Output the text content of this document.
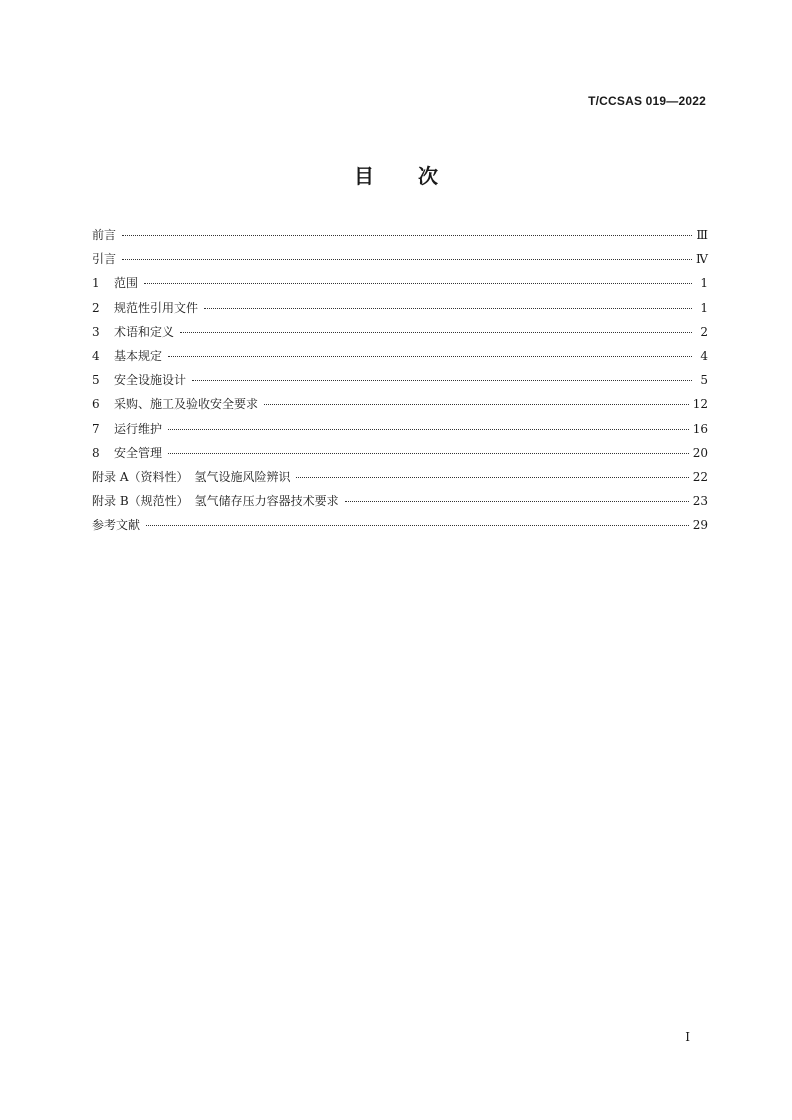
T/CCSAS 019—2022
目次
前言	Ⅲ
引言	Ⅳ
1 范围	1
2 规范性引用文件	1
3 术语和定义	2
4 基本规定	4
5 安全设施设计	5
6 采购、施工及验收安全要求	12
7 运行维护	16
8 安全管理	20
附录 A（资料性）　氢气设施风险辨识	22
附录 B（规范性）　氢气储存压力容器技术要求	23
参考文献	29
I
